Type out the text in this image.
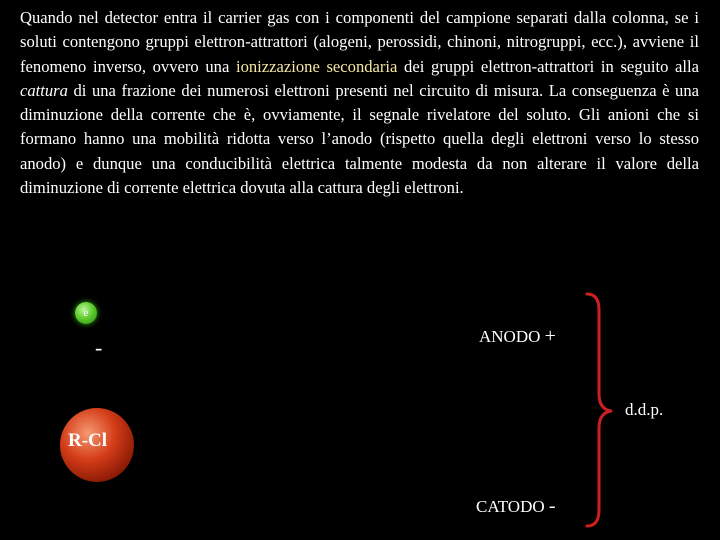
Quando nel detector entra il carrier gas con i componenti del campione separati dalla colonna, se i soluti contengono gruppi elettron-attrattori (alogeni, perossidi, chinoni, nitrogruppi, ecc.), avviene il fenomeno inverso, ovvero una ionizzazione secondaria dei gruppi elettron-attrattori in seguito alla cattura di una frazione dei numerosi elettroni presenti nel circuito di misura. La conseguenza è una diminuzione della corrente che è, ovviamente, il segnale rivelatore del soluto. Gli anioni che si formano hanno una mobilità ridotta verso l’anodo (rispetto quella degli elettroni verso lo stesso anodo) e dunque una conducibilità elettrica talmente modesta da non alterare il valore della diminuzione di corrente elettrica dovuta alla cattura degli elettroni.

e
-
R-Cl
ANODO +
CATODO -
d.d.p.
